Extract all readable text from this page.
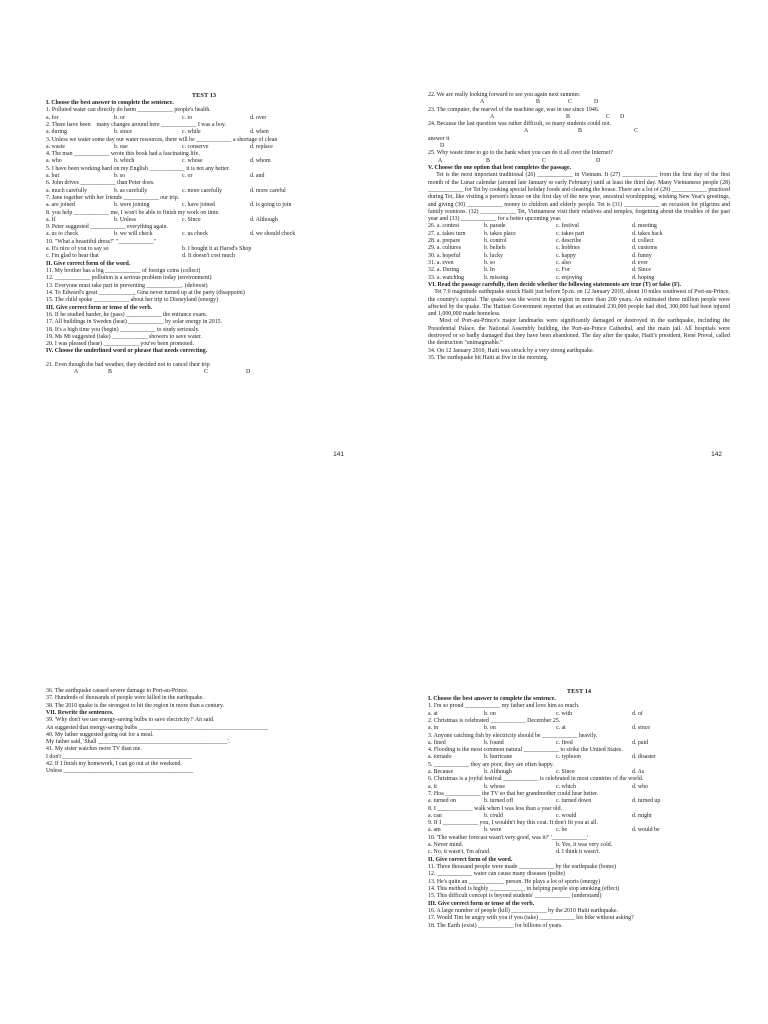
TEST 13
I. Choose the best answer to complete the sentence.
1. Polluted water can directly do harm ____________ people's health.
a. for	b. or	c. to	d. over
2. There have been    many changes around here ____________ I was a boy.
a. during	b. since	c. while	d. when
3. Unless we water some day our water resources, there will be ____________ a shortage of clean
a. waste	b. use	c. conserve	d. replace
4. The man ____________ wrote this book had a fascinating life.
a. who	b. which	c. whose	d. whom
5. I have been working hard on my English ____________ it is not any better.
a. but	b. so	c. or	d. and
6. John drives ____________ than Peter does.
a. much carefully	b. as carefully	c. more carefully	d. more careful
7. Jane together with her friends ____________ our trip.
a. are joined	b. were joining	c. have joined	d. is going to join
8. you help ____________ me, I won't be able to finish my work on time.
a. If	b. Unless	c. Since	d. Although
9. Peter suggested ____________ everything again.
a. us to check	b. we will check	c. us check	d. we should check
10. "What a beautiful dress!" "____________"
a. It's nice of you to say so	b. I bought it at Harod's Shop
c. I'm glad to hear that	d. It doesn't cost much
II. Give correct form of the word.
11. My brother has a big ____________ of foreign coins (collect)
12. ____________ pollution is a serious problem today (environment)
13. Everyone must take part in preventing ____________. (deforest)
14. To Edward's great ____________, Gina never turned up at the party (disappoint)
15. The child spoke ____________ about her trip to Disneyland (energy)
III. Give correct form or tense of the verb.
16. If he studied harder, he (pass) ____________ the entrance exam.
17. All buildings in Sweden (heat) ____________ by solar energy in 2015.
18. It's a high time you (begin) ____________ to study seriously.
19. Ms Mi suggested (take) ____________ showers to save water.
20. I was pleased (hear) ____________ you've been promoted.
IV. Choose the underlined word or phrase that needs correcting.
21. Even though the bad weather, they decided not to cancel their trip
A	B	C	D
141
22. We are really looking forward to see you again next summer.
A	B	C	D
23. The computer, the marvel of the machine age, was in use since 1946.
A	B	C	D
24. Because the last question was rather difficult, so many students could not.
A	B	C
answer it
D
25. Why waste time to go to the bank when you can do it all over the Internet?
A	B	C	D
V. Choose the one option that best completes the passage.
Tet is the most important traditional (26) ____________ in Vietnam. It (27) ____________ from the first day of the first month of the Lunar calendar (around late January or early February) until at least the third day. Many Vietnamese people (28) ____________ for Tet by cooking special holiday foods and cleaning the house. There are a lot of (29) ____________ practiced during Tet, like visiting a person's house on the first day of the new year, ancestral worshipping, wishing New Year's greetings, and giving (30) ____________ money to children and elderly people. Tet is (31) ____________ an occasion for pilgrims and family reunions. (32) ____________ Tet, Vietnamese visit their relatives and temples, forgetting about the troubles of the past year and (33) ____________ for a better upcoming year.
26. a. contest	b. parade	c. festival	d. meeting
27. a. takes turn	b. takes place	c. takes part	d. takes back
28. a. prepare	b. control	c. describe	d. collect
29. a. cultures	b. beliefs	c. hobbies	d. customs
30. a. hopeful	b. lucky	c. happy	d. funny
31. a. even	b. so	c. also	d. ever
32. a. During	b. In	c. For	d. Since
33. a. watching	b. missing	c. enjoying	d. hoping
VI. Read the passage carefully, then decide whether the following statements are true (T) or false (F).
Tet 7.0 magnitude earthquake struck Haiti just before 5p.m. on 12 January 2010, about 10 miles southwest of Port-au-Prince, the country's capital. The quake was the worst in the region in more than 200 years. An estimated three million people were affected by the quake. The Haitian Government reported that an estimated 230,000 people had died, 300,000 had been injured and 1,000,000 made homeless.
Most of Port-au-Prince's major landmarks were significantly damaged or destroyed in the earthquake, including the Presidential Palace, the National Assembly building, the Port-au-Prince Cathedral, and the main jail. All hospitals were destroyed or so badly damaged that they have been abandoned. The day after the quake, Haiti's president, René Preval, called the destruction "unimaginable."
34. On 12 January 2010, Haiti was struck by a very strong earthquake.
35. The earthquake hit Haiti at five in the morning.
142
36. The earthquake caused severe damage to Port-au-Prince.
37. Hundreds of thousands of people were killed in the earthquake.
38. The 2010 quake is the strongest to hit the region in more than a century.
VII. Rewrite the sentences.
39. 'Why don't we use energy-saving bulbs to save electricity?' An said.
An suggested that energy-saving bulbs ____________________________________________
40. My father suggested going out for a meal.
My father said, 'Shall ____________________________________________'.
41. My sister watches more TV than me.
I don't ____________________________________________
42. If I finish my homework, I can go out at the weekend.
Unless ____________________________________________
TEST 14
I. Choose the best answer to complete the sentence.
1. I'm so proud ____________ my father and love him so much.
a. at	b. on	c. with	d. of
2. Christmas is celebrated ____________ December 25.
a. in	b. on	c. at	d. since
3. Anyone catching fish by electricity should be ____________ heavily.
a. fined	b. found	c. fired	d. paid
4. Flooding is the most common natural ____________ to strike the United States.
a. tornado	b. hurricane	c. typhoon	d. disaster
5. ____________ they are poor, they are often happy.
a. Because	b. Although	c. Since	d. As
6. Christmas is a joyful festival ____________ is celebrated in most countries of the world.
a. it	b. whose	c. which	d. who
7. Hoa ____________ the TV so that her grandmother could hear better.
a. turned on	b. turned off	c. turned down	d. turned up
8. I ____________ walk when I was less than a year old.
a. can	b. could	c. would	d. might
9. If I ____________ you, I wouldn't buy this coat. It don't fit you at all.
a. am	b. were	c. be	d. would be
10. 'The weather forecast wasn't very good, was it?' '____________'
a. Never mind.	b. Yes, it was very cold.
c. No, it wasn't, I'm afraid.	d. I think it wasn't.
II. Give correct form of the word.
11. Three thousand people were made ____________ by the earthquake (home)
12. ____________ water can cause many diseases (polite)
13. He's quite an ____________ person. He plays a lot of sports (energy)
14. This method is highly ____________ in helping people stop smoking (effect)
15. This difficult concept is beyond students' ____________ (understand)
III. Give correct form or tense of the verb.
16. A large number of people (kill) ____________ by the 2010 Haiti earthquake.
17. Would Tim be angry with you if you (take) ____________ his bike without asking?
18. The Earth (exist) ____________ for billions of years.
